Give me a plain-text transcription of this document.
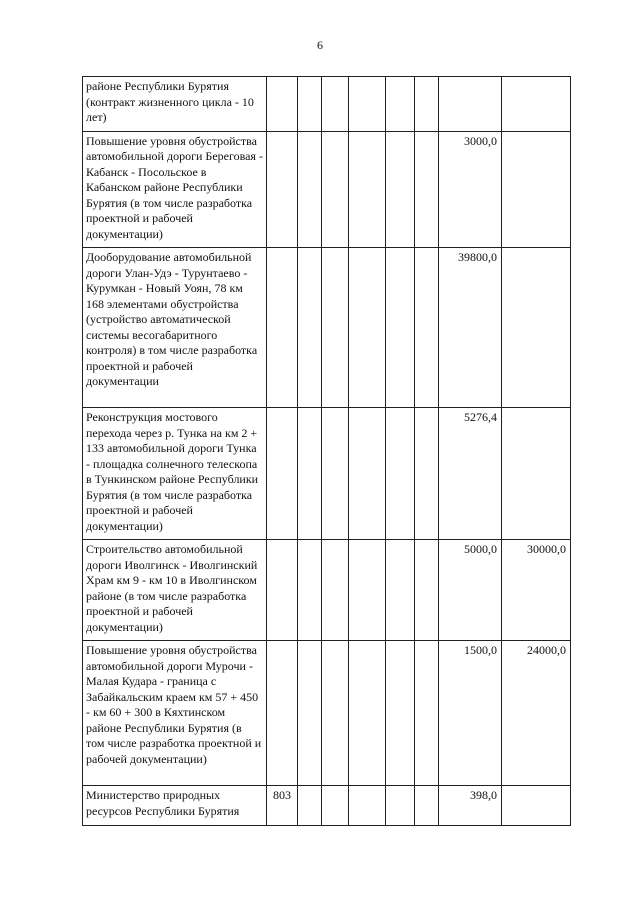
6
районе Республики Бурятия (контракт жизненного цикла - 10 лет)								
Повышение уровня обустройства автомобильной дороги Береговая - Кабанск - Посольское в Кабанском районе Республики Бурятия (в том числе разработка проектной и рабочей документации)							3000,0	
Дооборудование автомобильной дороги Улан-Удэ - Турунтаево - Курумкан - Новый Уоян, 78 км 168 элементами обустройства (устройство автоматической системы весогабаритного контроля) в том числе разработка проектной и рабочей документации							39800,0	
Реконструкция мостового перехода через р. Тунка на км 2 + 133 автомобильной дороги Тунка - площадка солнечного телескопа в Тункинском районе Республики Бурятия (в том числе разработка проектной и рабочей документации)							5276,4	
Строительство автомобильной дороги Иволгинск - Иволгинский Храм км 9 - км 10 в Иволгинском районе (в том числе разработка проектной и рабочей документации)							5000,0	30000,0
Повышение уровня обустройства автомобильной дороги Мурочи - Малая Кудара - граница с Забайкальским краем км 57 + 450 - км 60 + 300 в Кяхтинском районе Республики Бурятия (в том числе разработка проектной и рабочей документации)							1500,0	24000,0
Министерство природных ресурсов Республики Бурятия	803						398,0	
